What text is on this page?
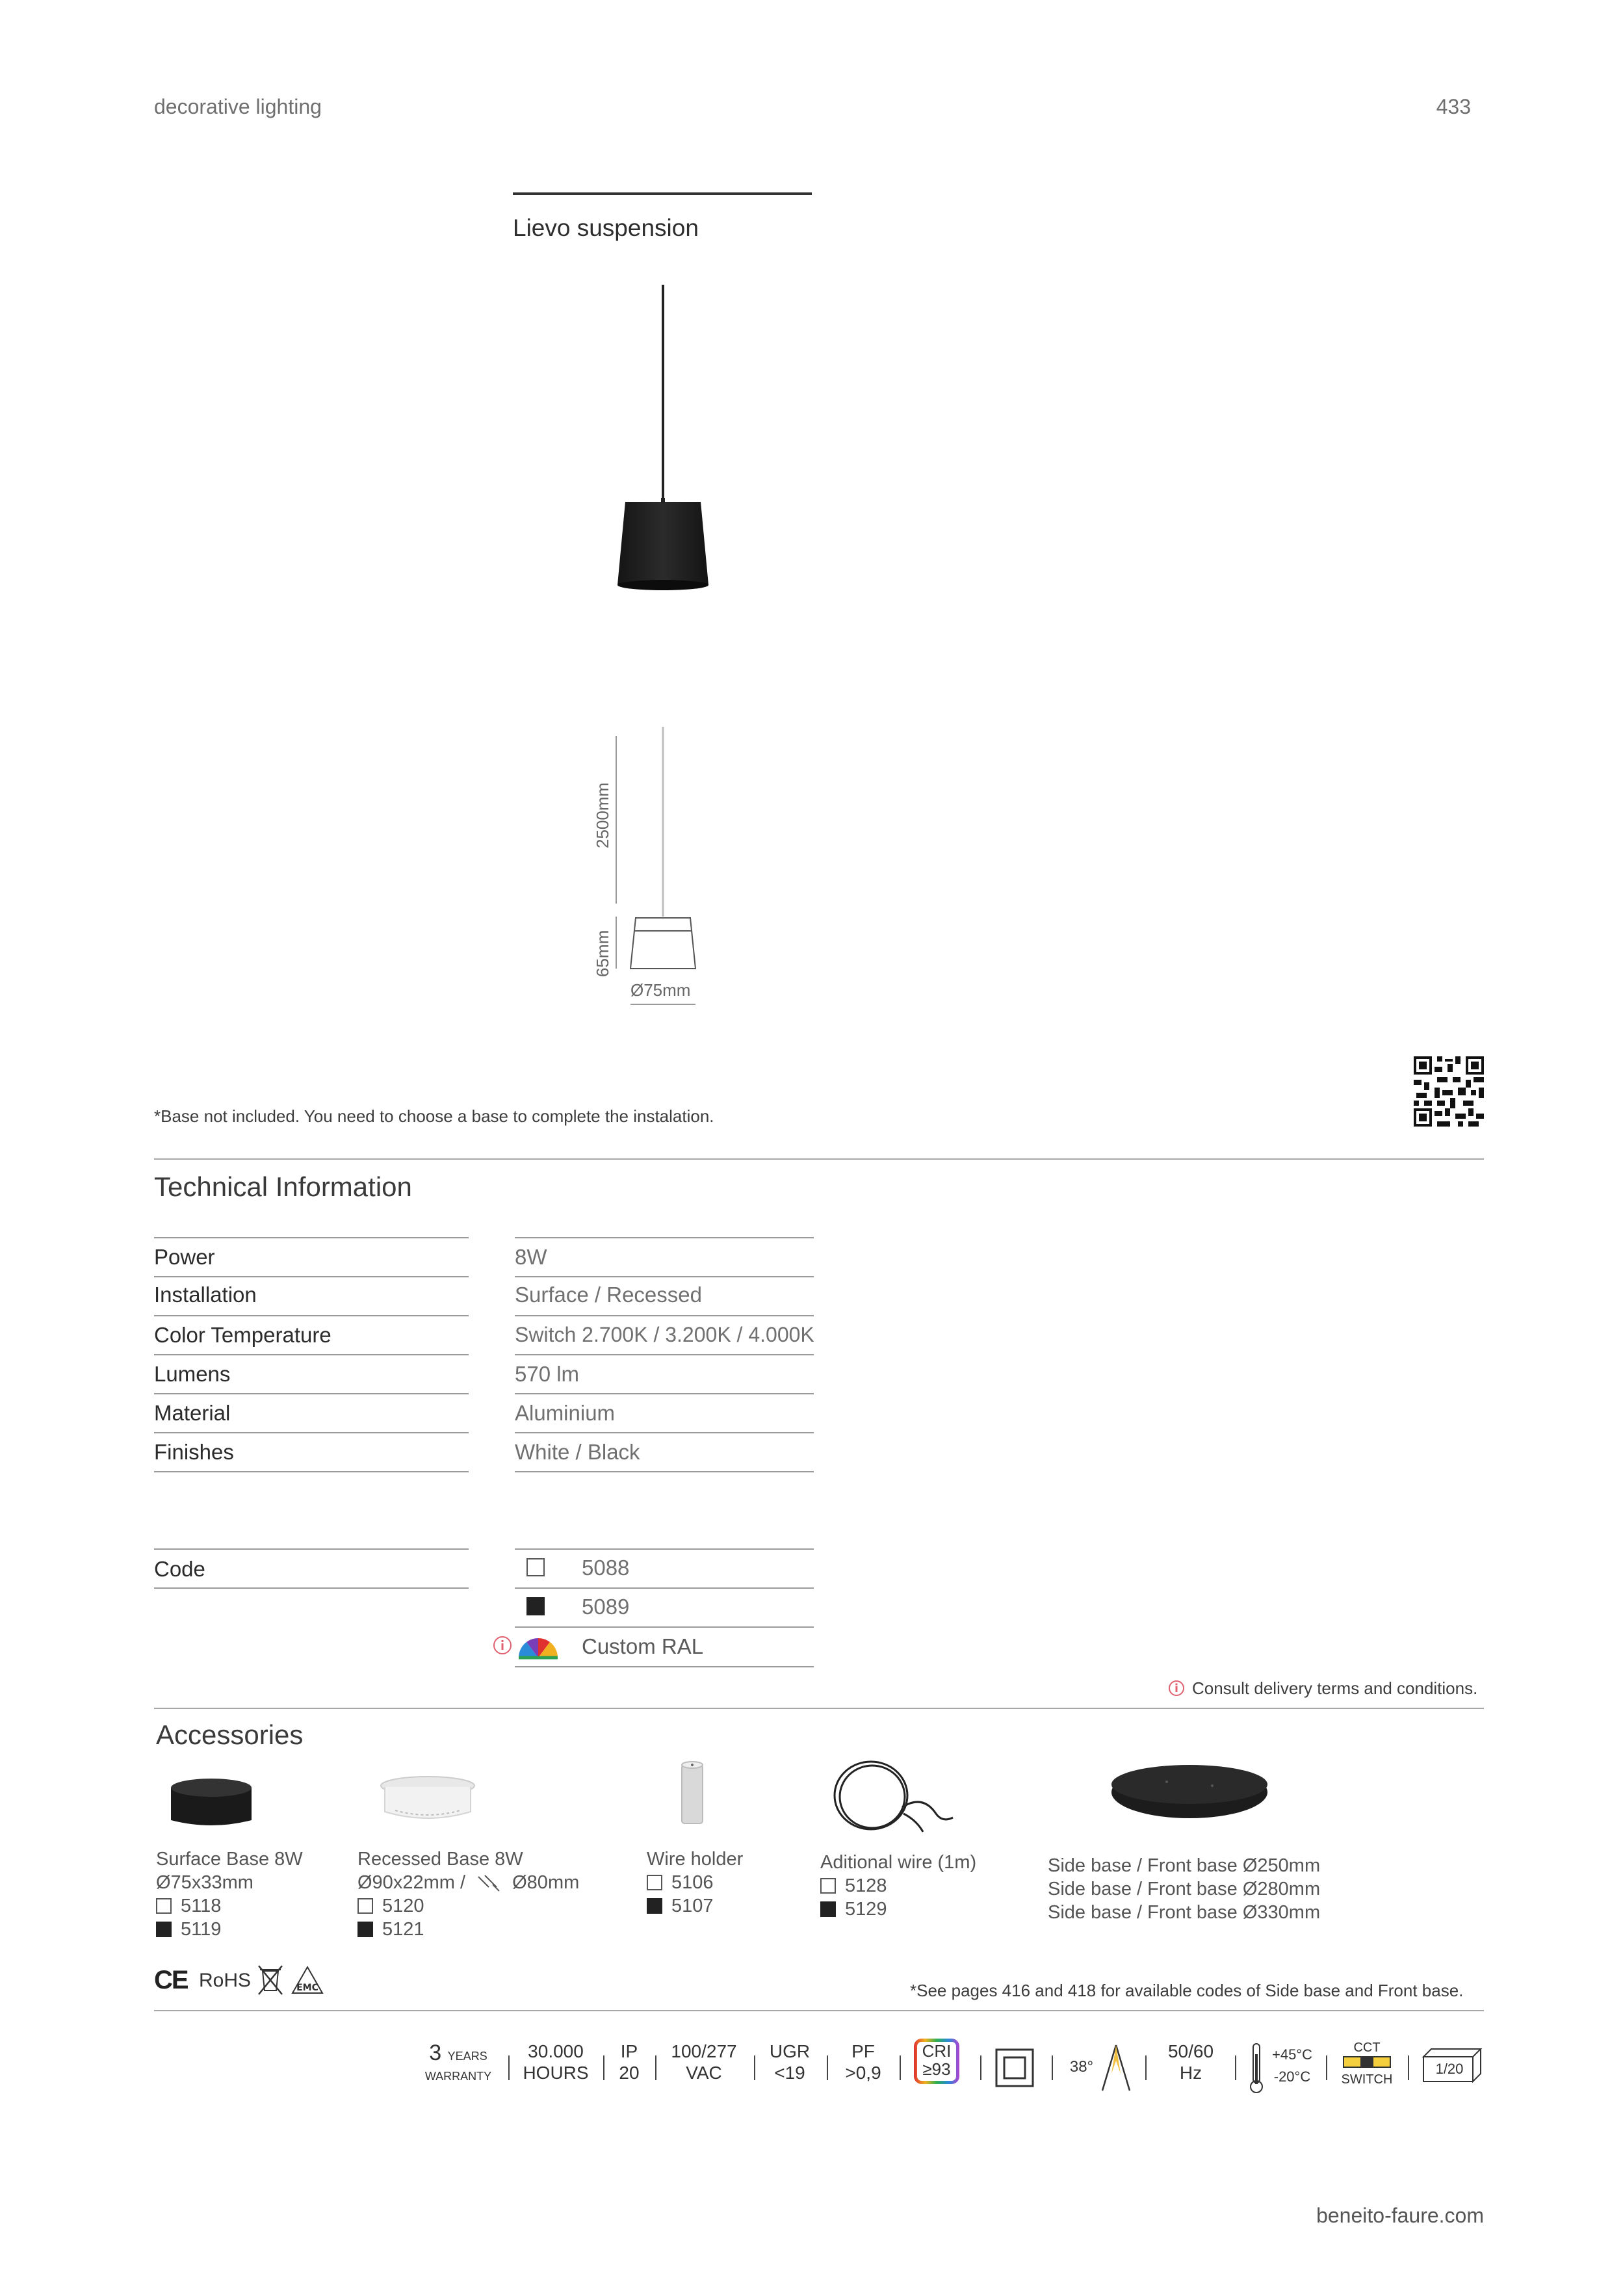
decorative lighting	433
Lievo suspension
2500mm
65mm
Ø75mm
*Base not included. You need to choose a base to complete the instalation.
Technical Information
Power	8W
Installation	Surface / Recessed
Color Temperature	Switch 2.700K / 3.200K / 4.000K
Lumens	570 lm
Material	Aluminium
Finishes	White / Black
Code	5088
5089
Custom RAL
Consult delivery terms and conditions.
Accessories
Surface Base 8W
Ø75x33mm
5118
5119
Recessed Base 8W
Ø90x22mm / Ø80mm
5120
5121
Wire holder
5106
5107
Aditional wire (1m)
5128
5129
Side base / Front base Ø250mm
Side base / Front base Ø280mm
Side base / Front base Ø330mm
CE RoHS	EMC	*See pages 416 and 418 for available codes of Side base and Front base.
3 YEARS
WARRANTY
30.000
HOURS
IP
20
100/277
VAC
UGR
<19
PF
>0,9
CRI
≥93	38°
50/60
Hz
+45°C
-20°C
CCT
SWITCH
1/20
beneito-faure.com
